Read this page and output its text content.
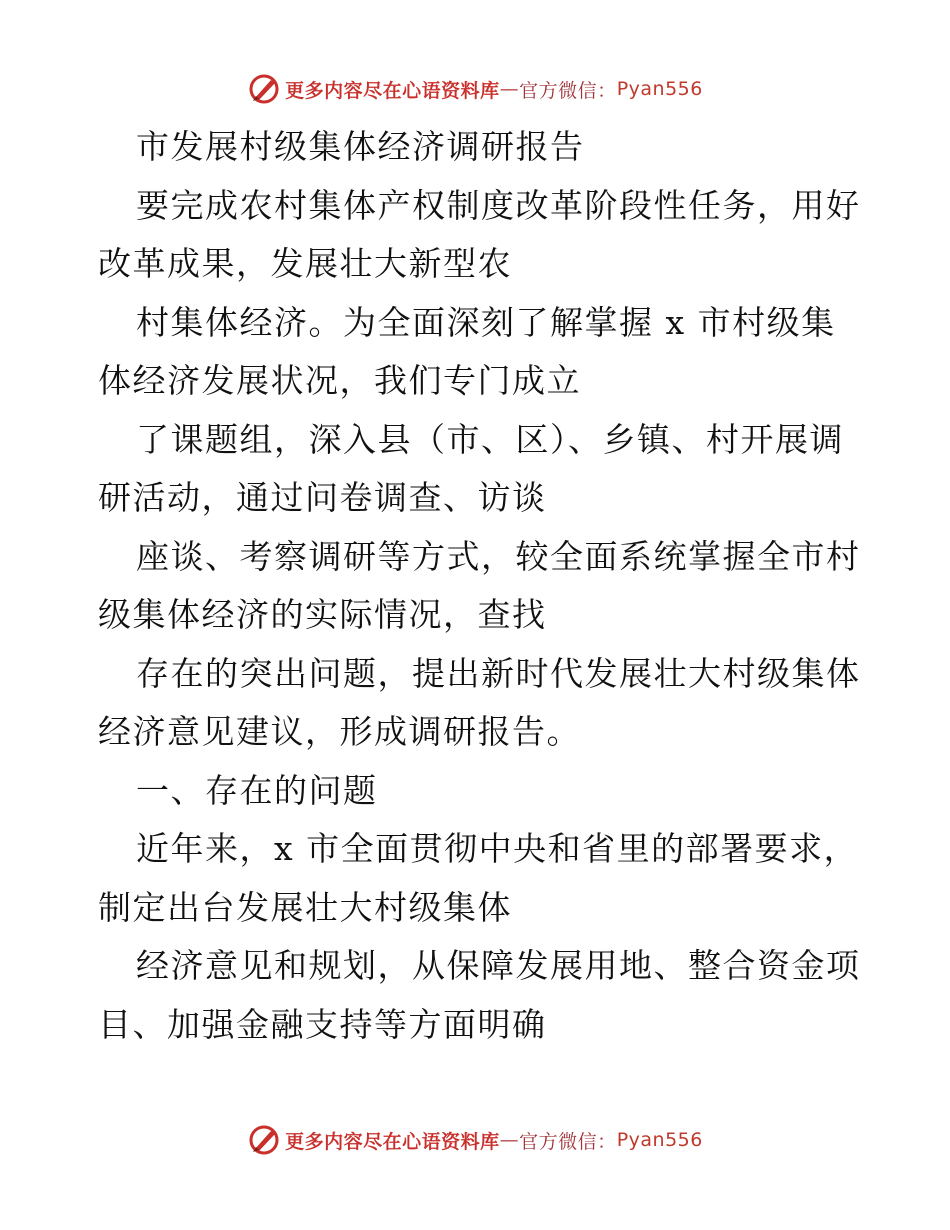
更多内容尽在心语资料库 — 官方微信： Pyan556
市发展村级集体经济调研报告
要完成农村集体产权制度改革阶段性任务，用好
改革成果，发展壮大新型农
村集体经济。为全面深刻了解掌握 x 市村级集
体经济发展状况，我们专门成立
了课题组，深入县（市、区）、乡镇、村开展调
研活动，通过问卷调查、访谈
座谈、考察调研等方式，较全面系统掌握全市村
级集体经济的实际情况，查找
存在的突出问题，提出新时代发展壮大村级集体
经济意见建议，形成调研报告。
一、存在的问题
近年来，x 市全面贯彻中央和省里的部署要求，
制定出台发展壮大村级集体
经济意见和规划，从保障发展用地、整合资金项
目、加强金融支持等方面明确
更多内容尽在心语资料库 — 官方微信： Pyan556
